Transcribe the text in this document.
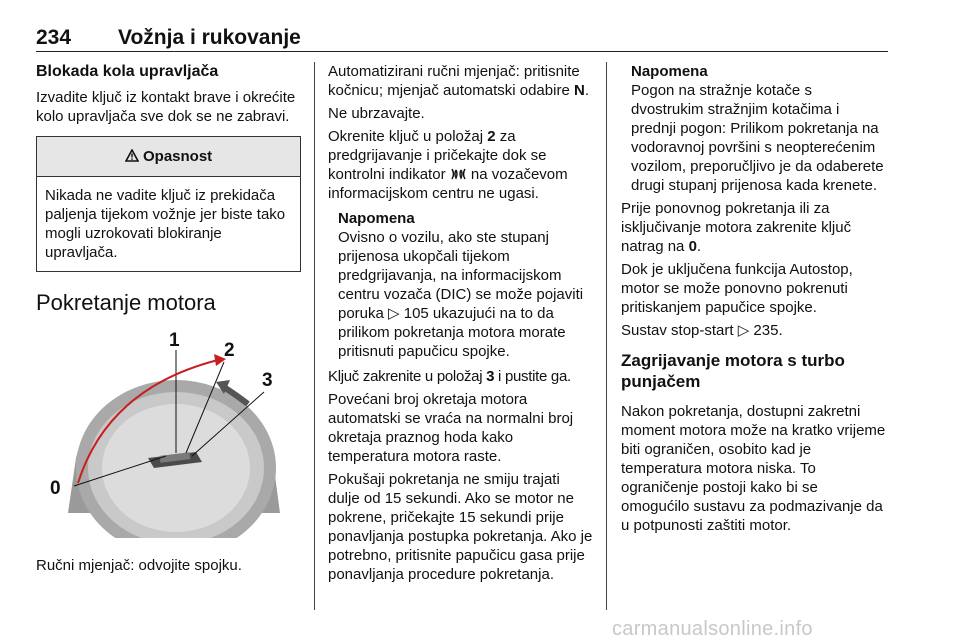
234 Vožnja i rukovanje
Blokada kola upravljača

Izvadite ključ iz kontakt brave i okrećite kolo upravljača sve dok se ne zabravi.

Opasnost
Nikada ne vadite ključ iz prekidača paljenja tijekom vožnje jer biste tako mogli uzrokovati blokiranje upravljača.
Pokretanje motora
0
1 2
3

Ručni mjenjač: odvojite spojku.

Automatizirani ručni mjenjač: pritisnite kočnicu; mjenjač automatski odabire N.

Ne ubrzavajte.

Okrenite ključ u položaj 2 za predgrijavanje i pričekajte dok se kontrolni indikator  na vozačevom informacijskom centru ne ugasi.

Napomena
Ovisno o vozilu, ako ste stupanj prijenosa ukopčali tijekom predgrijavanja, na informacijskom centru vozača (DIC) se može pojaviti poruka ▷ 105 ukazujući na to da prilikom pokretanja motora morate pritisnuti papučicu spojke.

Ključ zakrenite u položaj 3 i pustite ga.

Povećani broj okretaja motora automatski se vraća na normalni broj okretaja praznog hoda kako temperatura motora raste.

Pokušaji pokretanja ne smiju trajati dulje od 15 sekundi. Ako se motor ne pokrene, pričekajte 15 sekundi prije ponavljanja postupka pokretanja. Ako je potrebno, pritisnite papučicu gasa prije ponavljanja procedure pokretanja.

Napomena
Pogon na stražnje kotače s dvostrukim stražnjim kotačima i prednji pogon: Prilikom pokretanja na vodoravnoj površini s neopterećenim vozilom, preporučljivo je da odaberete drugi stupanj prijenosa kada krenete.

Prije ponovnog pokretanja ili za isključivanje motora zakrenite ključ natrag na 0.

Dok je uključena funkcija Autostop, motor se može ponovno pokrenuti pritiskanjem papučice spojke.

Sustav stop-start ▷ 235.

Zagrijavanje motora s turbo punjačem

Nakon pokretanja, dostupni zakretni moment motora može na kratko vrijeme biti ograničen, osobito kad je temperatura motora niska. To ograničenje postoji kako bi se omogućilo sustavu za podmazivanje da u potpunosti zaštiti motor.

carmanualsonline.info
